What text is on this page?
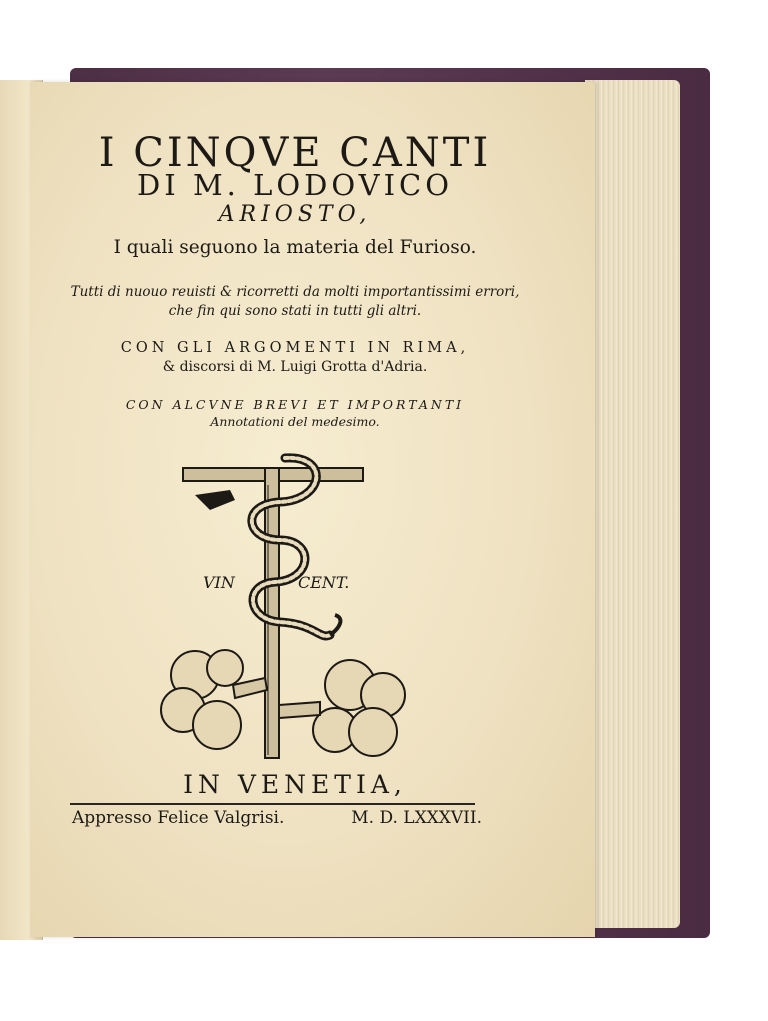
I CINQVE CANTI
DI M. LODOVICO
ARIOSTO,
I quali seguono la materia del Furioso.
Tutti di nuouo reuisti & ricorretti da molti importantissimi errori,
che fin qui sono stati in tutti gli altri.
CON GLI ARGOMENTI IN RIMA,
& discorsi di M. Luigi Grotta d'Adria.
CON ALCVNE BREVI ET IMPORTANTI
Annotationi del medesimo.
VIN	CENT.
IN VENETIA,
Appresso Felice Valgrisi.	M. D. LXXXVII.
